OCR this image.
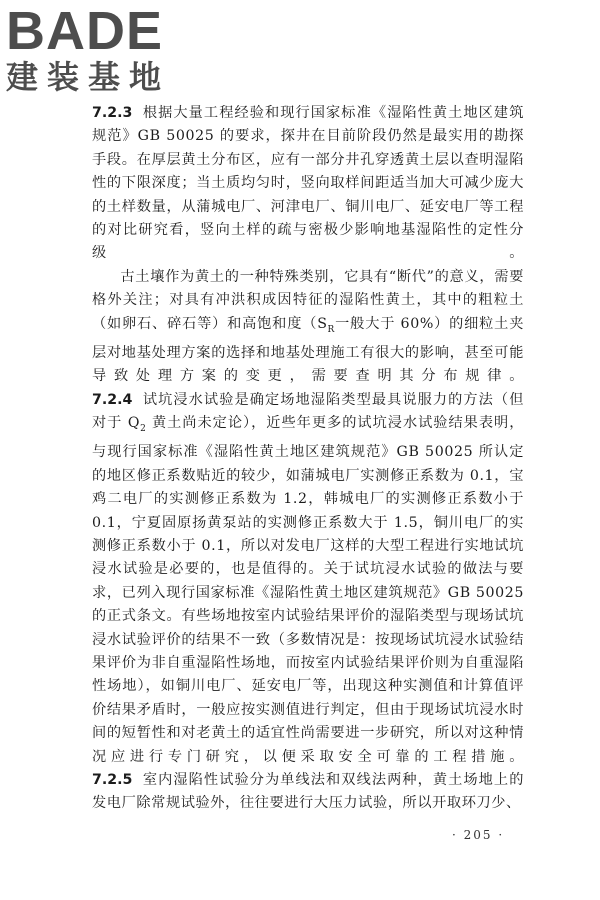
BADE
建装基地

7.2.3 根据大量工程经验和现行国家标准《湿陷性黄土地区建筑规范》GB 50025 的要求，探井在目前阶段仍然是最实用的勘探手段。在厚层黄土分布区，应有一部分井孔穿透黄土层以查明湿陷性的下限深度；当土质均匀时，竖向取样间距适当加大可减少庞大的土样数量，从蒲城电厂、河津电厂、铜川电厂、延安电厂等工程的对比研究看，竖向土样的疏与密极少影响地基湿陷性的定性分级。

古土壤作为黄土的一种特殊类别，它具有“断代”的意义，需要格外关注；对具有冲洪积成因特征的湿陷性黄土，其中的粗粒土（如卵石、碎石等）和高饱和度（$S_R$一般大于 60%）的细粒土夹层对地基处理方案的选择和地基处理施工有很大的影响，甚至可能导致处理方案的变更，需要查明其分布规律。

7.2.4 试坑浸水试验是确定场地湿陷类型最具说服力的方法（但对于 $Q_2$ 黄土尚未定论），近些年更多的试坑浸水试验结果表明，与现行国家标准《湿陷性黄土地区建筑规范》GB 50025 所认定的地区修正系数贴近的较少，如蒲城电厂实测修正系数为 0.1，宝鸡二电厂的实测修正系数为 1.2，韩城电厂的实测修正系数小于 0.1，宁夏固原扬黄泵站的实测修正系数大于 1.5，铜川电厂的实测修正系数小于 0.1，所以对发电厂这样的大型工程进行实地试坑浸水试验是必要的，也是值得的。关于试坑浸水试验的做法与要求，已列入现行国家标准《湿陷性黄土地区建筑规范》GB 50025 的正式条文。有些场地按室内试验结果评价的湿陷类型与现场试坑浸水试验评价的结果不一致（多数情况是：按现场试坑浸水试验结果评价为非自重湿陷性场地，而按室内试验结果评价则为自重湿陷性场地），如铜川电厂、延安电厂等，出现这种实测值和计算值评价结果矛盾时，一般应按实测值进行判定，但由于现场试坑浸水时间的短暂性和对老黄土的适宜性尚需要进一步研究，所以对这种情况应进行专门研究，以便采取安全可靠的工程措施。

7.2.5 室内湿陷性试验分为单线法和双线法两种，黄土场地上的发电厂除常规试验外，往往要进行大压力试验，所以开取环刀少、

· 205 ·
